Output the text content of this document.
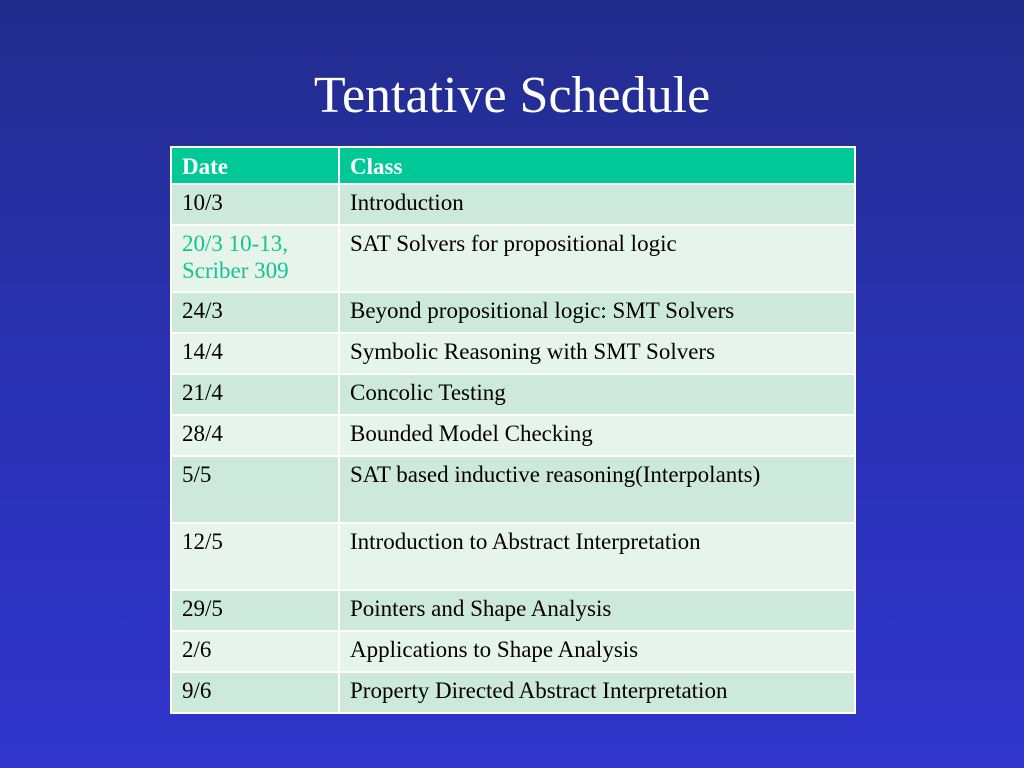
Tentative Schedule
Date	Class
10/3	Introduction
20/3 10-13,
Scriber 309	SAT Solvers for propositional logic
24/3	Beyond propositional logic: SMT Solvers
14/4	Symbolic Reasoning with SMT Solvers
21/4	Concolic Testing
28/4	Bounded Model Checking
5/5	SAT based inductive reasoning(Interpolants)
12/5	Introduction to Abstract Interpretation
29/5	Pointers and Shape Analysis
2/6	Applications to Shape Analysis
9/6	Property Directed Abstract Interpretation
